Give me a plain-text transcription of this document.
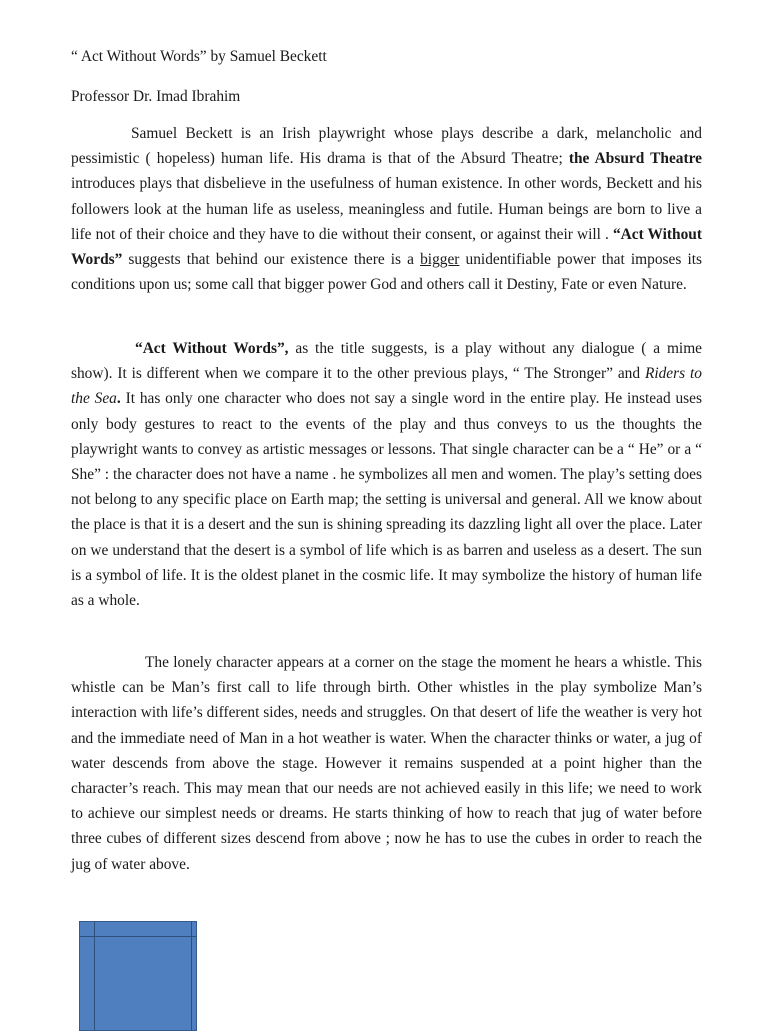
“ Act Without Words” by Samuel Beckett

Professor Dr. Imad Ibrahim

Samuel Beckett is an Irish playwright whose plays describe a dark, melancholic and pessimistic ( hopeless) human life. His drama is that of the Absurd Theatre; the Absurd Theatre introduces plays that disbelieve in the usefulness of human existence. In other words, Beckett and his followers look at the human life as useless, meaningless and futile. Human beings are born to live a life not of their choice and they have to die without their consent, or against their will . “Act Without Words” suggests that behind our existence there is a bigger unidentifiable power that imposes its conditions upon us; some call that bigger power God and others call it Destiny, Fate or even Nature.

“Act Without Words”, as the title suggests, is a play without any dialogue ( a mime show). It is different when we compare it to the other previous plays, “ The Stronger” and Riders to the Sea. It has only one character who does not say a single word in the entire play. He instead uses only body gestures to react to the events of the play and thus conveys to us the thoughts the playwright wants to convey as artistic messages or lessons. That single character can be a “ He” or a “ She” : the character does not have a name . he symbolizes all men and women. The play’s setting does not belong to any specific place on Earth map; the setting is universal and general. All we know about the place is that it is a desert and the sun is shining spreading its dazzling light all over the place. Later on we understand that the desert is a symbol of life which is as barren and useless as a desert. The sun is a symbol of life. It is the oldest planet in the cosmic life. It may symbolize the history of human life as a whole.

The lonely character appears at a corner on the stage the moment he hears a whistle. This whistle can be Man’s first call to life through birth. Other whistles in the play symbolize Man’s interaction with life’s different sides, needs and struggles. On that desert of life the weather is very hot and the immediate need of Man in a hot weather is water. When the character thinks or water, a jug of water descends from above the stage. However it remains suspended at a point higher than the character’s reach. This may mean that our needs are not achieved easily in this life; we need to work to achieve our simplest needs or dreams. He starts thinking of how to reach that jug of water before three cubes of different sizes descend from above ; now he has to use the cubes in order to reach the jug of water above.
